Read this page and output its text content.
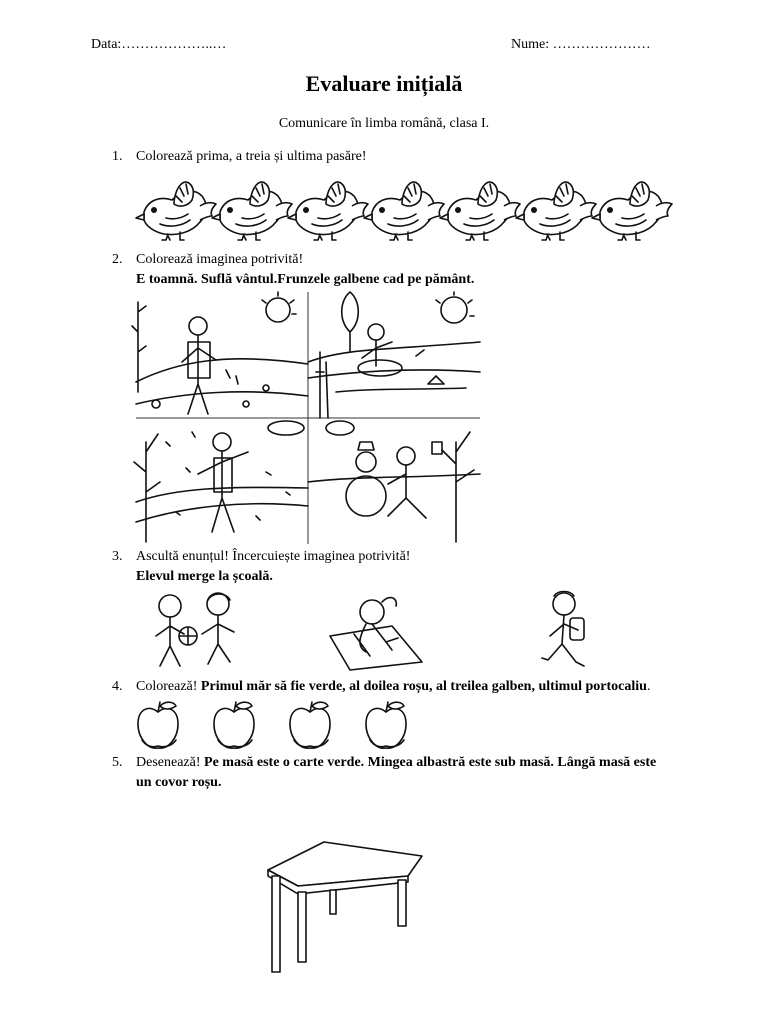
Data:………………..…	Nume: …………………
Evaluare inițială
Comunicare în limba română, clasa I.
1. Colorează prima, a treia și ultima pasăre!
2. Colorează imaginea potrivită!
E toamnă. Suflă vântul.Frunzele galbene cad pe pământ.
3. Ascultă enunțul! Încercuiește imaginea potrivită!
Elevul merge la școală.
4. Colorează! Primul măr să fie verde, al doilea roșu, al treilea galben, ultimul portocaliu.
5. Desenează! Pe masă este o carte verde. Mingea albastră este sub masă. Lângă masă este
un covor roșu.
